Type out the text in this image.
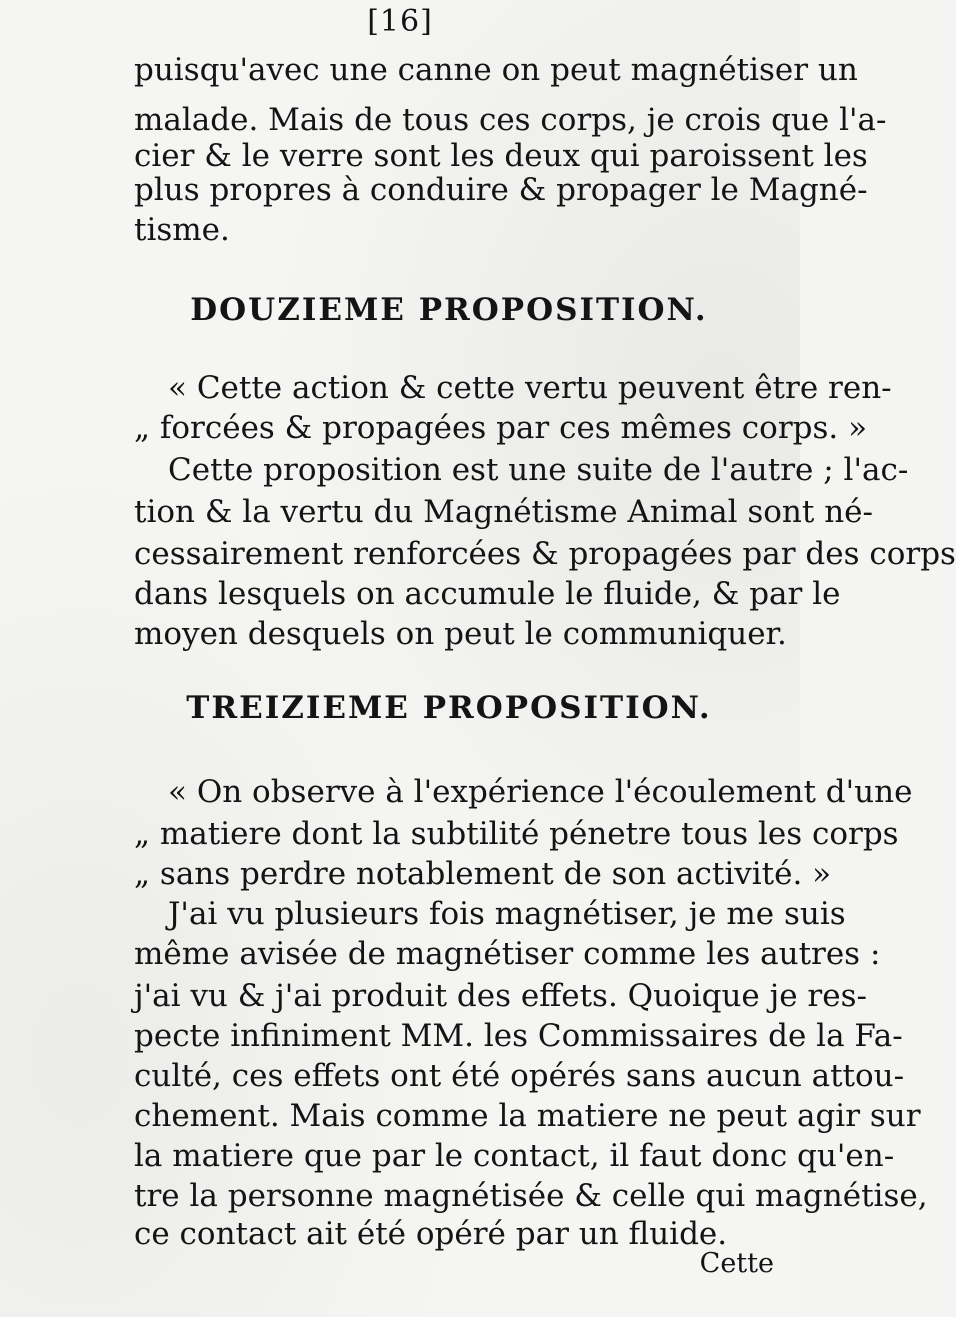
[16]
puisqu'avec une canne on peut magnétiser un
malade. Mais de tous ces corps, je crois que l'a-
cier & le verre sont les deux qui paroissent les
plus propres à conduire & propager le Magné-
tisme.
DOUZIEME PROPOSITION.
« Cette action & cette vertu peuvent être ren-
„ forcées & propagées par ces mêmes corps. »
Cette proposition est une suite de l'autre ; l'ac-
tion & la vertu du Magnétisme Animal sont né-
cessairement renforcées & propagées par des corps
dans lesquels on accumule le fluide, & par le
moyen desquels on peut le communiquer.
TREIZIEME PROPOSITION.
« On observe à l'expérience l'écoulement d'une
„ matiere dont la subtilité pénetre tous les corps
„ sans perdre notablement de son activité. »
J'ai vu plusieurs fois magnétiser, je me suis
même avisée de magnétiser comme les autres :
j'ai vu & j'ai produit des effets. Quoique je res-
pecte infiniment MM. les Commissaires de la Fa-
culté, ces effets ont été opérés sans aucun attou-
chement. Mais comme la matiere ne peut agir sur
la matiere que par le contact, il faut donc qu'en-
tre la personne magnétisée & celle qui magnétise,
ce contact ait été opéré par un fluide.
Cette
